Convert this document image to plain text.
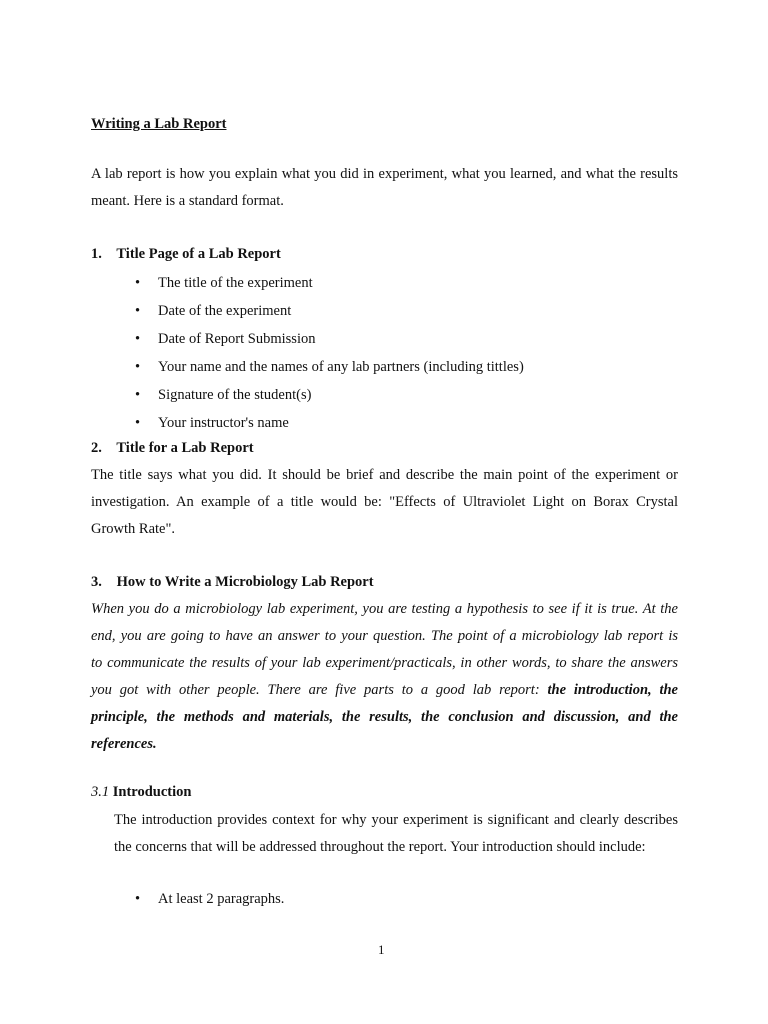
Writing a Lab Report
A lab report is how you explain what you did in experiment, what you learned, and what the results
meant. Here is a standard format.
1. Title Page of a Lab Report
• The title of the experiment
• Date of the experiment
• Date of Report Submission
• Your name and the names of any lab partners (including tittles)
• Signature of the student(s)
• Your instructor's name
2. Title for a Lab Report
The title says what you did. It should be brief and describe the main point of the experiment or
investigation. An example of a title would be: "Effects of Ultraviolet Light on Borax Crystal
Growth Rate".
3. How to Write a Microbiology Lab Report
When you do a microbiology lab experiment, you are testing a hypothesis to see if it is true. At the
end, you are going to have an answer to your question. The point of a microbiology lab report is
to communicate the results of your lab experiment/practicals, in other words, to share the answers
you got with other people. There are five parts to a good lab report: the introduction, the
principle, the methods and materials, the results, the conclusion and discussion, and the
references.
3.1 Introduction
The introduction provides context for why your experiment is significant and clearly describes
the concerns that will be addressed throughout the report. Your introduction should include:
• At least 2 paragraphs.
1
